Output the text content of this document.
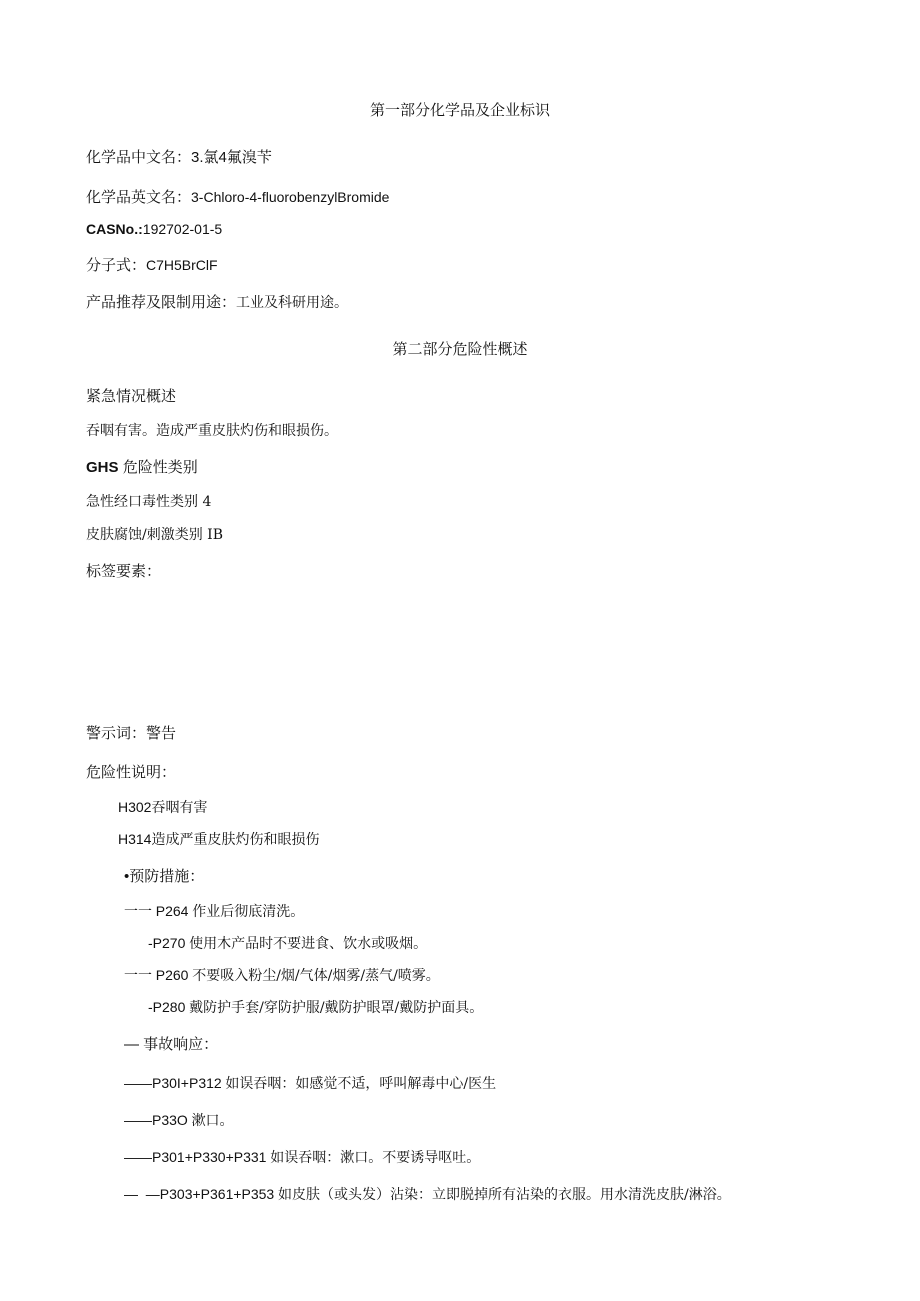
第一部分化学品及企业标识
化学品中文名：3.氯4氟溴苄
化学品英文名：3-Chloro-4-fluorobenzylBromide
CASNo.:192702-01-5
分子式：C7H5BrClF
产品推荐及限制用途：工业及科研用途。
第二部分危险性概述
紧急情况概述
吞咽有害。造成严重皮肤灼伤和眼损伤。
GHS 危险性类别
急性经口毒性类别 4
皮肤腐蚀/刺激类别 IB
标签要素：
警示词：警告
危险性说明：
H302吞咽有害
H314造成严重皮肤灼伤和眼损伤
•预防措施：
一一 P264 作业后彻底清洗。
-P270 使用木产品时不要进食、饮水或吸烟。
一一 P260 不要吸入粉尘/烟/气体/烟雾/蒸气/喷雾。
-P280 戴防护手套/穿防护服/戴防护眼罩/戴防护面具。
— 事故响应：
——P30I+P312 如误吞咽：如感觉不适，呼叫解毒中心/医生
——P33O 漱口。
——P301+P330+P331 如误吞咽：漱口。不要诱导呕吐。
—  —P303+P361+P353 如皮肤（或头发）沾染：立即脱掉所有沾染的衣服。用水清洗皮肤/淋浴。
